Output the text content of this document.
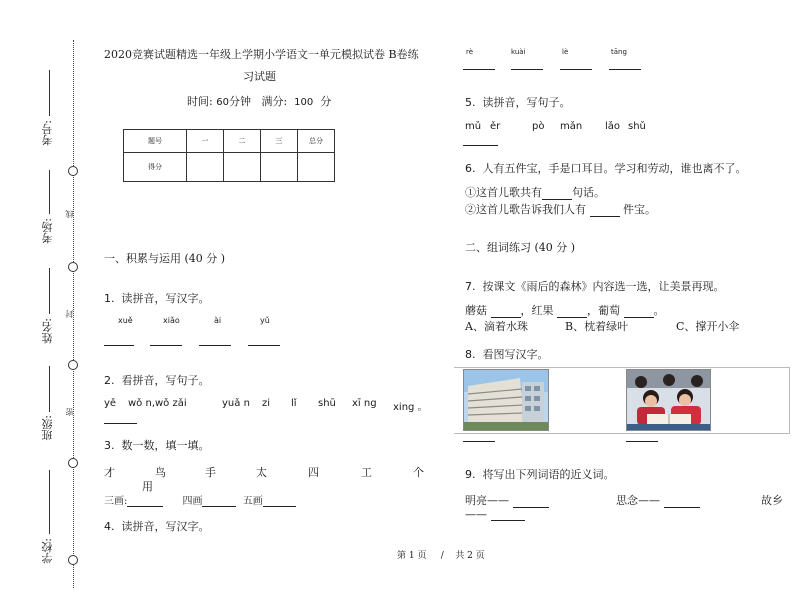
考号:
考场:
姓名:
班级:
学校:
线
封
密
2020竞赛试题精选一年级上学期小学语文一单元模拟试卷 B卷练
习试题
时间: 60分钟 满分: 100 分
题号	一	二	三	总分
得分				
一、积累与运用 (40 分 )
1. 读拼音，写汉字。
xuě	xiǎo	ài	yǔ
2. 看拼音，写句子。
yě wǒ n,wǒ zǎi	yuǎ n zi lǐ shū xī ng xing 。
3. 数一数，填一填。
才	鸟	手	太	四	工	个
用
三画:	四画	五画
4. 读拼音，写汉字。
rè	kuài	lè	tāng
5. 读拼音，写句子。
mǔ ěr	pò mǎn lǎo shǔ
6. 人有五件宝，手是口耳目。学习和劳动，谁也离不了。
①这首儿歌共有	句话。
②这首儿歌告诉我们人有	件宝。
二、组词练习 (40 分 )
7. 按课文《雨后的森林》内容选一选，让美景再现。
蘑菇	，红果	，葡萄	。
A、滴着水珠	B、枕着绿叶	C、撑开小伞
8. 看图写汉字。
9. 将写出下列词语的近义词。
明亮——	思念——	故乡
——
第 1 页 / 共 2 页
